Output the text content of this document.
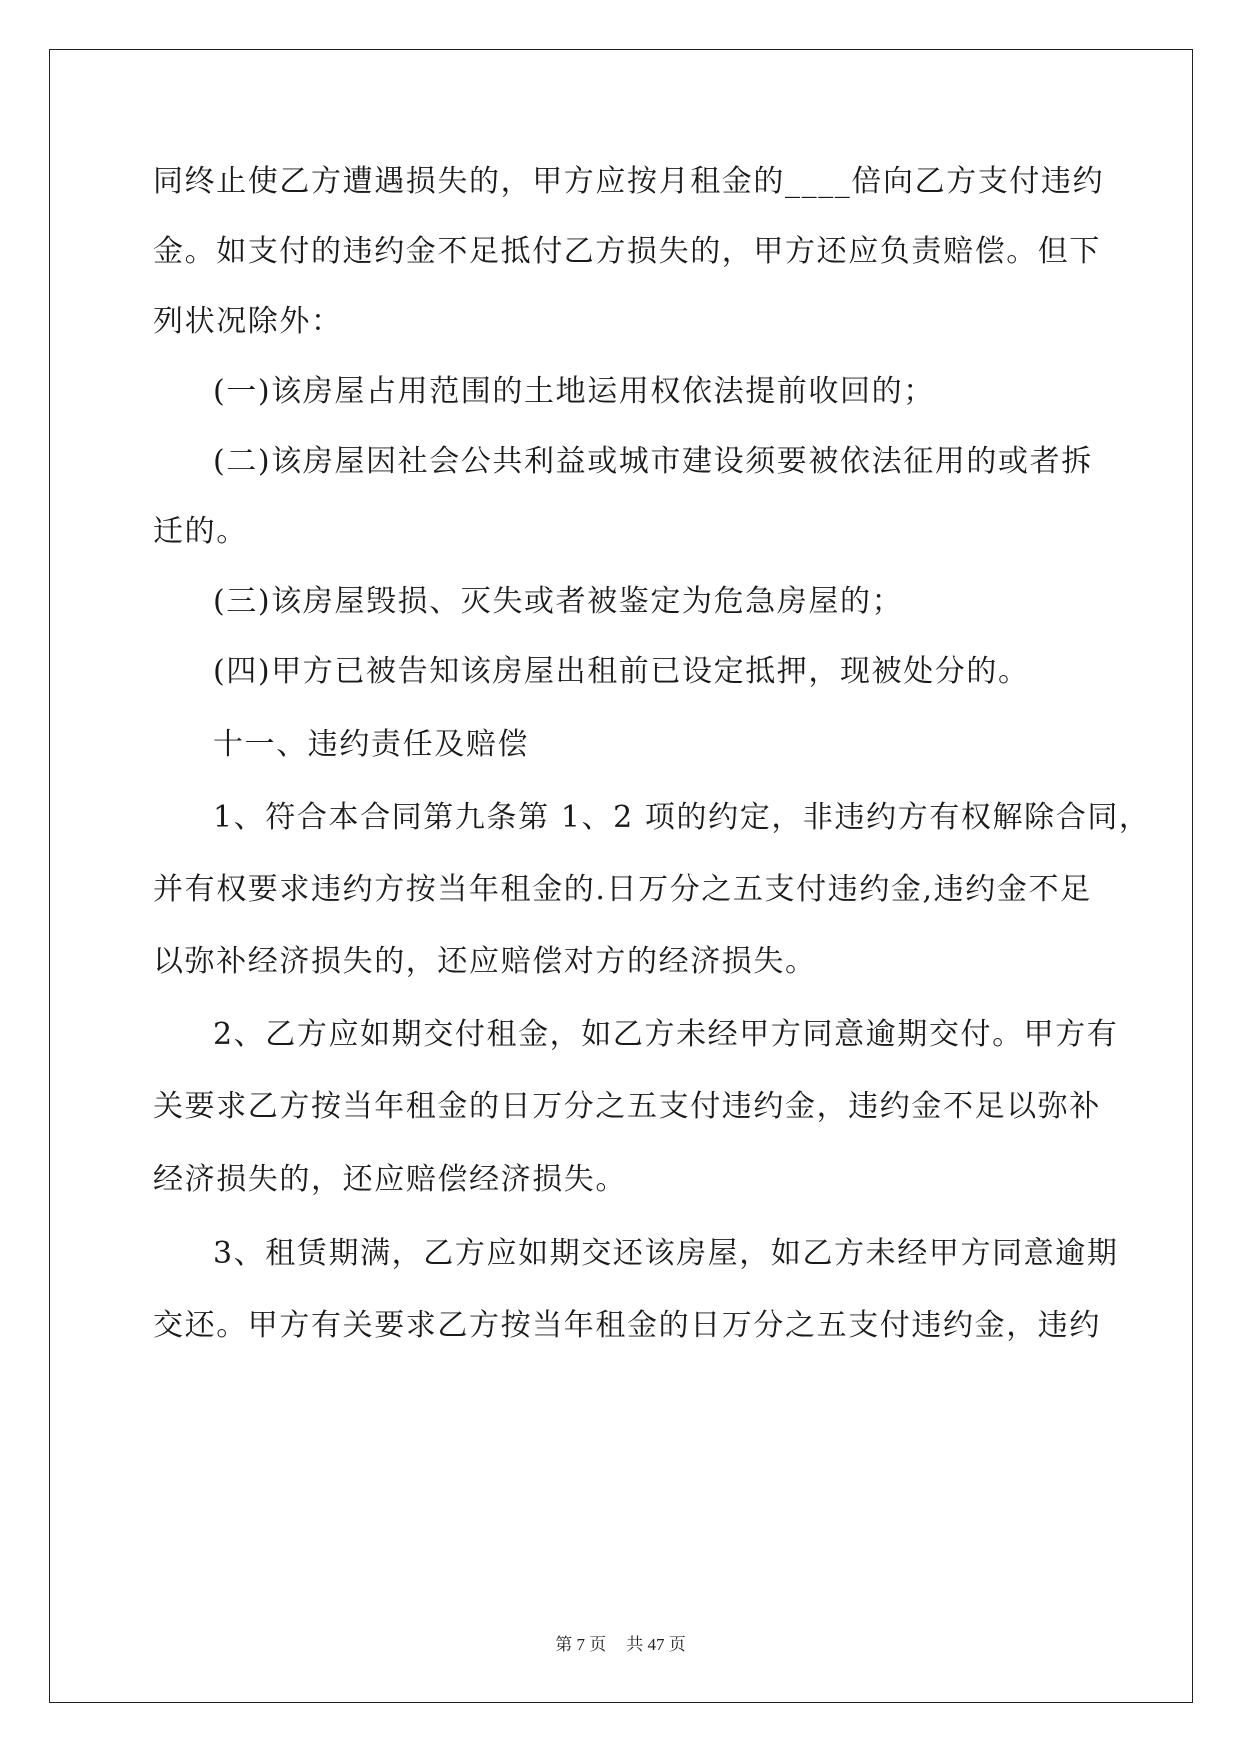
同终止使乙方遭遇损失的，甲方应按月租金的____倍向乙方支付违约
金。如支付的违约金不足抵付乙方损失的，甲方还应负责赔偿。但下
列状况除外：
(一)该房屋占用范围的土地运用权依法提前收回的；
(二)该房屋因社会公共利益或城市建设须要被依法征用的或者拆
迁的。
(三)该房屋毁损、灭失或者被鉴定为危急房屋的；
(四)甲方已被告知该房屋出租前已设定抵押，现被处分的。
十一、违约责任及赔偿
1、符合本合同第九条第 1、2 项的约定，非违约方有权解除合同，
并有权要求违约方按当年租金的.日万分之五支付违约金,违约金不足
以弥补经济损失的，还应赔偿对方的经济损失。
2、乙方应如期交付租金，如乙方未经甲方同意逾期交付。甲方有
关要求乙方按当年租金的日万分之五支付违约金，违约金不足以弥补
经济损失的，还应赔偿经济损失。
3、租赁期满，乙方应如期交还该房屋，如乙方未经甲方同意逾期
交还。甲方有关要求乙方按当年租金的日万分之五支付违约金，违约
第 7 页 共 47 页
